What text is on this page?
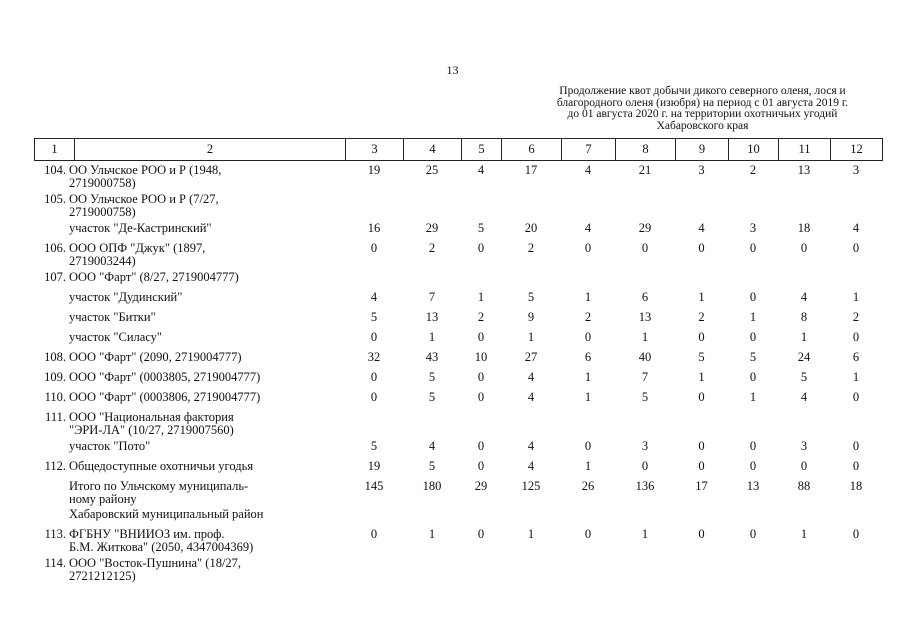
13
Продолжение квот добычи дикого северного оленя, лося и
благородного оленя (изюбря) на период с 01 августа 2019 г.
до 01 августа 2020 г. на территории охотничьих угодий
Хабаровского края
1	2	3	4	5	6	7	8	9	10	11	12
104.	ОО Ульчское РОО и Р (1948,
2719000758)	19	25	4	17	4	21	3	2	13	3
105.	ОО Ульчское РОО и Р (7/27,
2719000758)										

	участок "Де-Кастринский"	16	29	5	20	4	29	4	3	18	4
106.	ООО ОПФ "Джук" (1897,
2719003244)	0	2	0	2	0	0	0	0	0	0
107.	ООО "Фарт" (8/27, 2719004777)										

	участок "Дудинский"	4	7	1	5	1	6	1	0	4	1

	участок "Битки"	5	13	2	9	2	13	2	1	8	2

	участок "Силасу"	0	1	0	1	0	1	0	0	1	0
108.	ООО "Фарт" (2090, 2719004777)	32	43	10	27	6	40	5	5	24	6
109.	ООО "Фарт" (0003805, 2719004777)	0	5	0	4	1	7	1	0	5	1
110.	ООО "Фарт" (0003806, 2719004777)	0	5	0	4	1	5	0	1	4	0
111.	ООО "Национальная фактория
"ЭРИ-ЛА" (10/27, 2719007560)										

	участок "Пото"	5	4	0	4	0	3	0	0	3	0
112.	Общедоступные охотничьи угодья	19	5	0	4	1	0	0	0	0	0

	Итого по Ульчскому муниципаль-
ному району	145	180	29	125	26	136	17	13	88	18

	Хабаровский муниципальный район										

113.	ФГБНУ "ВНИИОЗ им. проф.
Б.М. Житкова" (2050, 4347004369)	0	1	0	1	0	1	0	0	1	0
114.	ООО "Восток-Пушнина" (18/27,
2721212125)										
